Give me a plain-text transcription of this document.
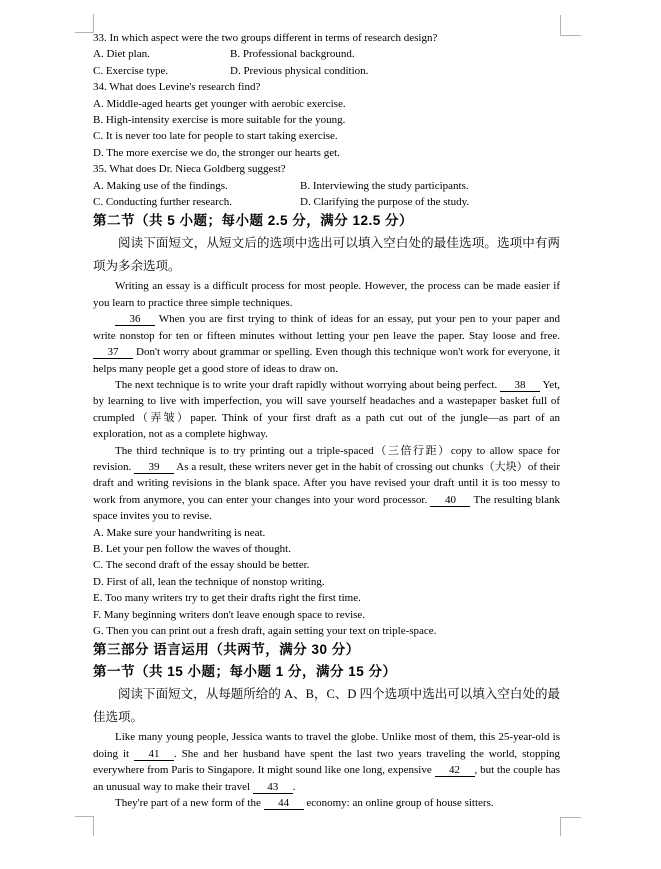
33. In which aspect were the two groups different in terms of research design?
A. Diet plan.	B. Professional background.
C. Exercise type.	D. Previous physical condition.
34. What does Levine's research find?
A. Middle-aged hearts get younger with aerobic exercise.
B. High-intensity exercise is more suitable for the young.
C. It is never too late for people to start taking exercise.
D. The more exercise we do, the stronger our hearts get.
35. What does Dr. Nieca Goldberg suggest?
A. Making use of the findings.	B. Interviewing the study participants.
C. Conducting further research.	D. Clarifying the purpose of the study.
第二节（共 5 小题；每小题 2.5 分，满分 12.5 分）
阅读下面短文，从短文后的选项中选出可以填入空白处的最佳选项。选项中有两项为多余选项。
Writing an essay is a difficult process for most people. However, the process can be made easier if you learn to practice three simple techniques.
36 When you are first trying to think of ideas for an essay, put your pen to your paper and write nonstop for ten or fifteen minutes without letting your pen leave the paper. Stay loose and free. 37 Don't worry about grammar or spelling. Even though this technique won't work for everyone, it helps many people get a good store of ideas to draw on.
The next technique is to write your draft rapidly without worrying about being perfect. 38 Yet, by learning to live with imperfection, you will save yourself headaches and a wastepaper basket full of crumpled（弄皱）paper. Think of your first draft as a path cut out of the jungle—as part of an exploration, not as a complete highway.
The third technique is to try printing out a triple-spaced（三倍行距）copy to allow space for revision. 39 As a result, these writers never get in the habit of crossing out chunks（大块）of their draft and writing revisions in the blank space. After you have revised your draft until it is too messy to work from anymore, you can enter your changes into your word processor. 40 The resulting blank space invites you to revise.
A. Make sure your handwriting is neat.
B. Let your pen follow the waves of thought.
C. The second draft of the essay should be better.
D. First of all, lean the technique of nonstop writing.
E. Too many writers try to get their drafts right the first time.
F. Many beginning writers don't leave enough space to revise.
G. Then you can print out a fresh draft, again setting your text on triple-space.
第三部分 语言运用（共两节，满分 30 分）
第一节（共 15 小题；每小题 1 分，满分 15 分）
阅读下面短文，从每题所给的 A、B，C、D 四个选项中选出可以填入空白处的最佳选项。
Like many young people, Jessica wants to travel the globe. Unlike most of them, this 25-year-old is doing it 41 . She and her husband have spent the last two years traveling the world, stopping everywhere from Paris to Singapore. It might sound like one long, expensive 42 , but the couple has an unusual way to make their travel 43 .
They're part of a new form of the 44 economy: an online group of house sitters.
